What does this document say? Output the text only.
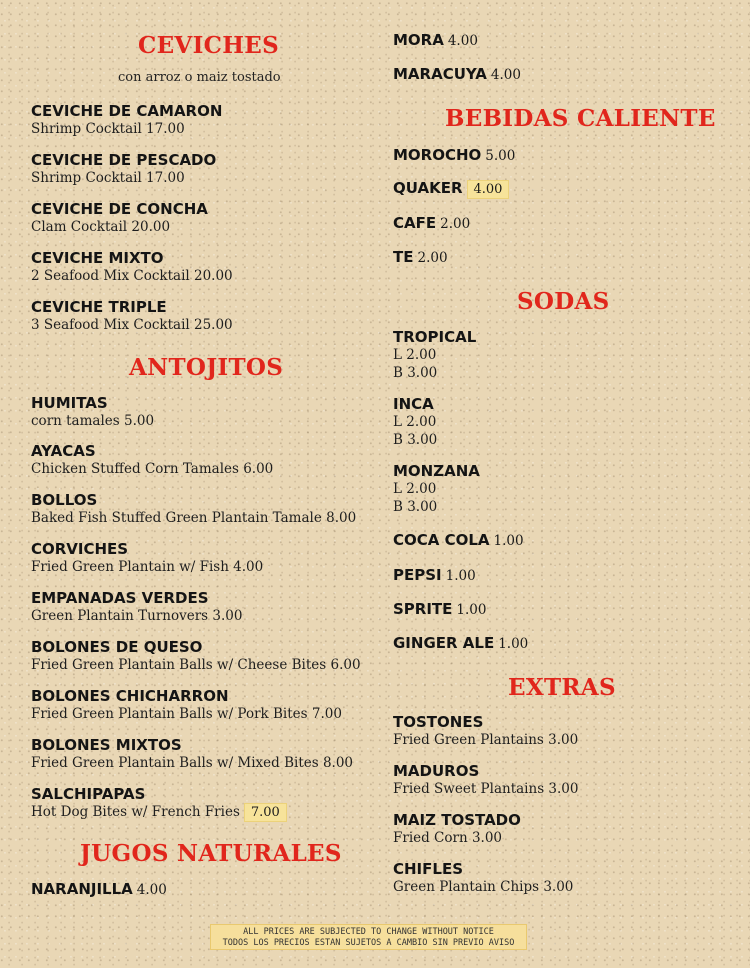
CEVICHES
con arroz o maiz tostado
CEVICHE DE CAMARON
Shrimp Cocktail 17.00
CEVICHE DE PESCADO
Shrimp Cocktail 17.00
CEVICHE DE CONCHA
Clam Cocktail 20.00
CEVICHE MIXTO
2 Seafood Mix Cocktail 20.00
CEVICHE TRIPLE
3 Seafood Mix Cocktail 25.00
ANTOJITOS
HUMITAS
corn tamales 5.00
AYACAS
Chicken Stuffed Corn Tamales 6.00
BOLLOS
Baked Fish Stuffed Green Plantain Tamale 8.00
CORVICHES
Fried Green Plantain w/ Fish 4.00
EMPANADAS VERDES
Green Plantain Turnovers 3.00
BOLONES DE QUESO
Fried Green Plantain Balls w/ Cheese Bites 6.00
BOLONES CHICHARRON
Fried Green Plantain Balls w/ Pork Bites 7.00
BOLONES MIXTOS
Fried Green Plantain Balls w/ Mixed Bites 8.00
SALCHIPAPAS
Hot Dog Bites w/ French Fries 7.00
JUGOS NATURALES
NARANJILLA 4.00
MORA 4.00
MARACUYA 4.00
BEBIDAS CALIENTE
MOROCHO 5.00
QUAKER 4.00
CAFE 2.00
TE 2.00
SODAS
TROPICAL
L 2.00
B 3.00
INCA
L 2.00
B 3.00
MONZANA
L 2.00
B 3.00
COCA COLA 1.00
PEPSI 1.00
SPRITE 1.00
GINGER ALE 1.00
EXTRAS
TOSTONES
Fried Green Plantains 3.00
MADUROS
Fried Sweet Plantains 3.00
MAIZ TOSTADO
Fried Corn 3.00
CHIFLES
Green Plantain Chips 3.00
ALL PRICES ARE SUBJECTED TO CHANGE WITHOUT NOTICE
TODOS LOS PRECIOS ESTAN SUJETOS A CAMBIO SIN PREVIO AVISO
